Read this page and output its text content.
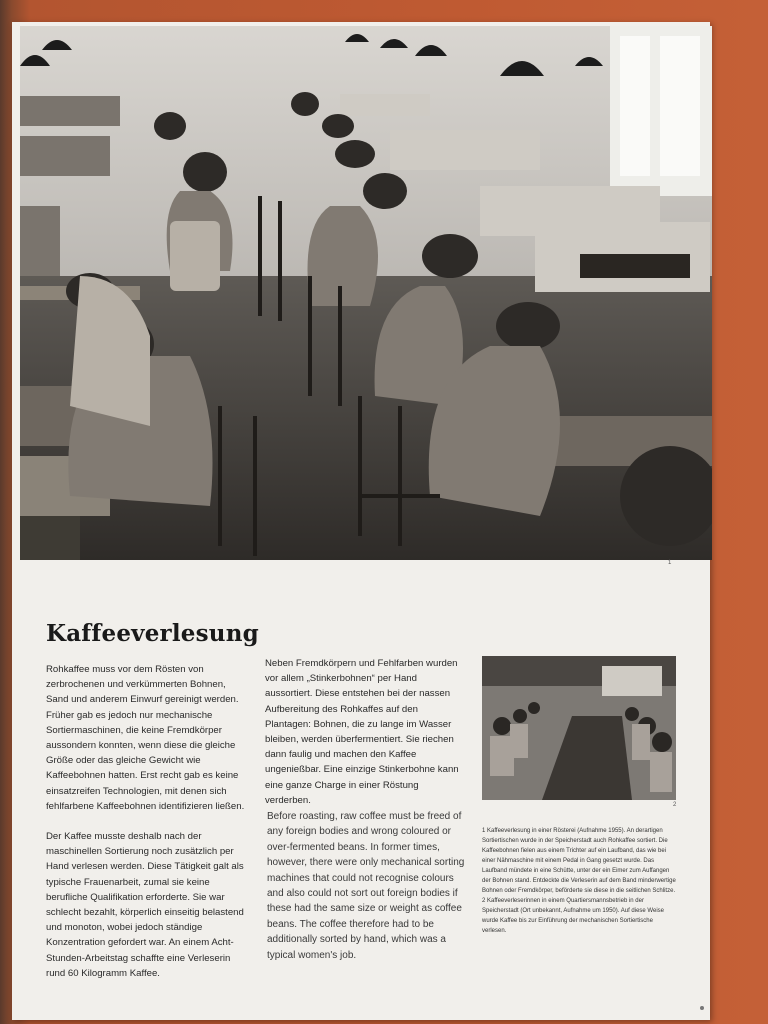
1
Kaffeeverlesung

Rohkaffee muss vor dem Rösten von zerbrochenen und verkümmerten Bohnen, Sand und anderem Einwurf gereinigt werden. Früher gab es jedoch nur mechanische Sortiermaschinen, die keine Fremdkörper aussondern konnten, wenn diese die gleiche Größe oder das gleiche Gewicht wie Kaffeebohnen hatten. Erst recht gab es keine einsatzreifen Technologien, mit denen sich fehlfarbene Kaffeebohnen identifizieren ließen.

Der Kaffee musste deshalb nach der maschinellen Sortierung noch zusätzlich per Hand verlesen werden. Diese Tätigkeit galt als typische Frauenarbeit, zumal sie keine berufliche Qualifikation erforderte. Sie war schlecht bezahlt, körperlich einseitig belastend und monoton, wobei jedoch ständige Konzentration gefordert war. An einem Acht-Stunden-Arbeitstag schaffte eine Verleserin rund 60 Kilogramm Kaffee.

Neben Fremdkörpern und Fehlfarben wurden vor allem „Stinkerbohnen“ per Hand aussortiert. Diese entstehen bei der nassen Aufbereitung des Rohkaffes auf den Plantagen: Bohnen, die zu lange im Wasser bleiben, werden überfermentiert. Sie riechen dann faulig und machen den Kaffee ungenießbar. Eine einzige Stinkerbohne kann eine ganze Charge in einer Röstung verderben.

Before roasting, raw coffee must be freed of any foreign bodies and wrong coloured or over-fermented beans. In former times, however, there were only mechanical sorting machines that could not recognise colours and also could not sort out foreign bodies if these had the same size or weight as coffee beans. The coffee therefore had to be additionally sorted by hand, which was a typical women's job.

2

1 Kaffeeverlesung in einer Rösterei (Aufnahme 1955). An derartigen Sortiertischen wurde in der Speicherstadt auch Rohkaffee sortiert. Die Kaffeebohnen fielen aus einem Trichter auf ein Laufband, das wie bei einer Nähmaschine mit einem Pedal in Gang gesetzt wurde. Das Laufband mündete in eine Schütte, unter der ein Eimer zum Auffangen der Bohnen stand. Entdeckte die Verleserin auf dem Band minderwertige Bohnen oder Fremdkörper, beförderte sie diese in die seitlichen Schlitze. 2 Kaffeeverleserinnen in einem Quartiersmannsbetrieb in der Speicherstadt (Ort unbekannt, Aufnahme um 1950). Auf diese Weise wurde Kaffee bis zur Einführung der mechanischen Sortiertische verlesen.
